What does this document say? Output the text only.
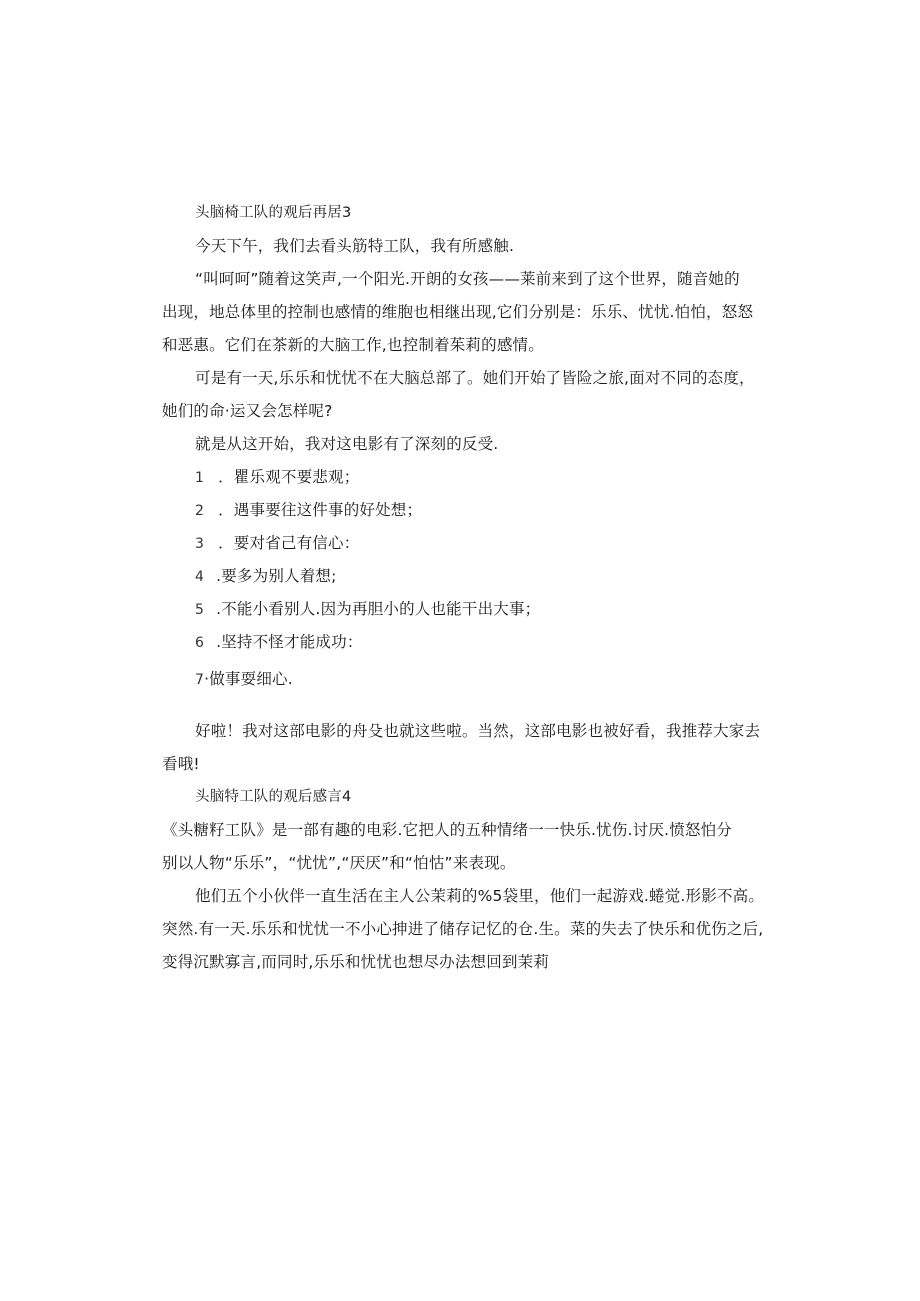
头脑椅工队的观后再居3
今天下午，我们去看头筋特工队，我有所感触.
“叫呵呵”随着这笑声,一个阳光.开朗的女孩——莱前来到了这个世界，随音她的
出现，地总体里的控制也感情的维胞也相继出现,它们分别是：乐乐、忧忧.怕怕，怒怒
和恶惠。它们在茶新的大脑工作,也控制着茱莉的感情。
可是有一天,乐乐和忧忧不在大脑总部了。她们开始了皆险之旅,面对不同的态度，
她们的命·运又会怎样呢?
就是从这开始，我对这电影有了深刻的反受.
1 ．瞿乐观不要悲观；
2 ．遇事要往这件事的好处想；
3 ．要对省己有信心：
4 .要多为别人着想;
5 .不能小看别人.因为再胆小的人也能干出大事；
6 .坚持不怪才能成功：
7·做事耍细心.
好啦！我对这部电影的舟殳也就这些啦。当然，这部电影也被好看，我推荐大家去
看哦!
头脑特工队的观后感言4
《头糖籽工队》是一部有趣的电彩.它把人的五种情绪一一快乐.忧伤.讨厌.愤怒怕分
别以人物“乐乐”，“忧忧”,“厌厌”和“怕怙”来表现。
他们五个小伙伴一直生活在主人公茉莉的%5袋里，他们一起游戏.蜷觉.形影不高。
突然.有一天.乐乐和忧忧一不小心抻进了储存记忆的仓.生。菜的失去了快乐和优伤之后,
变得沉默寡言,而同时,乐乐和忧忧也想尽办法想回到茉莉
